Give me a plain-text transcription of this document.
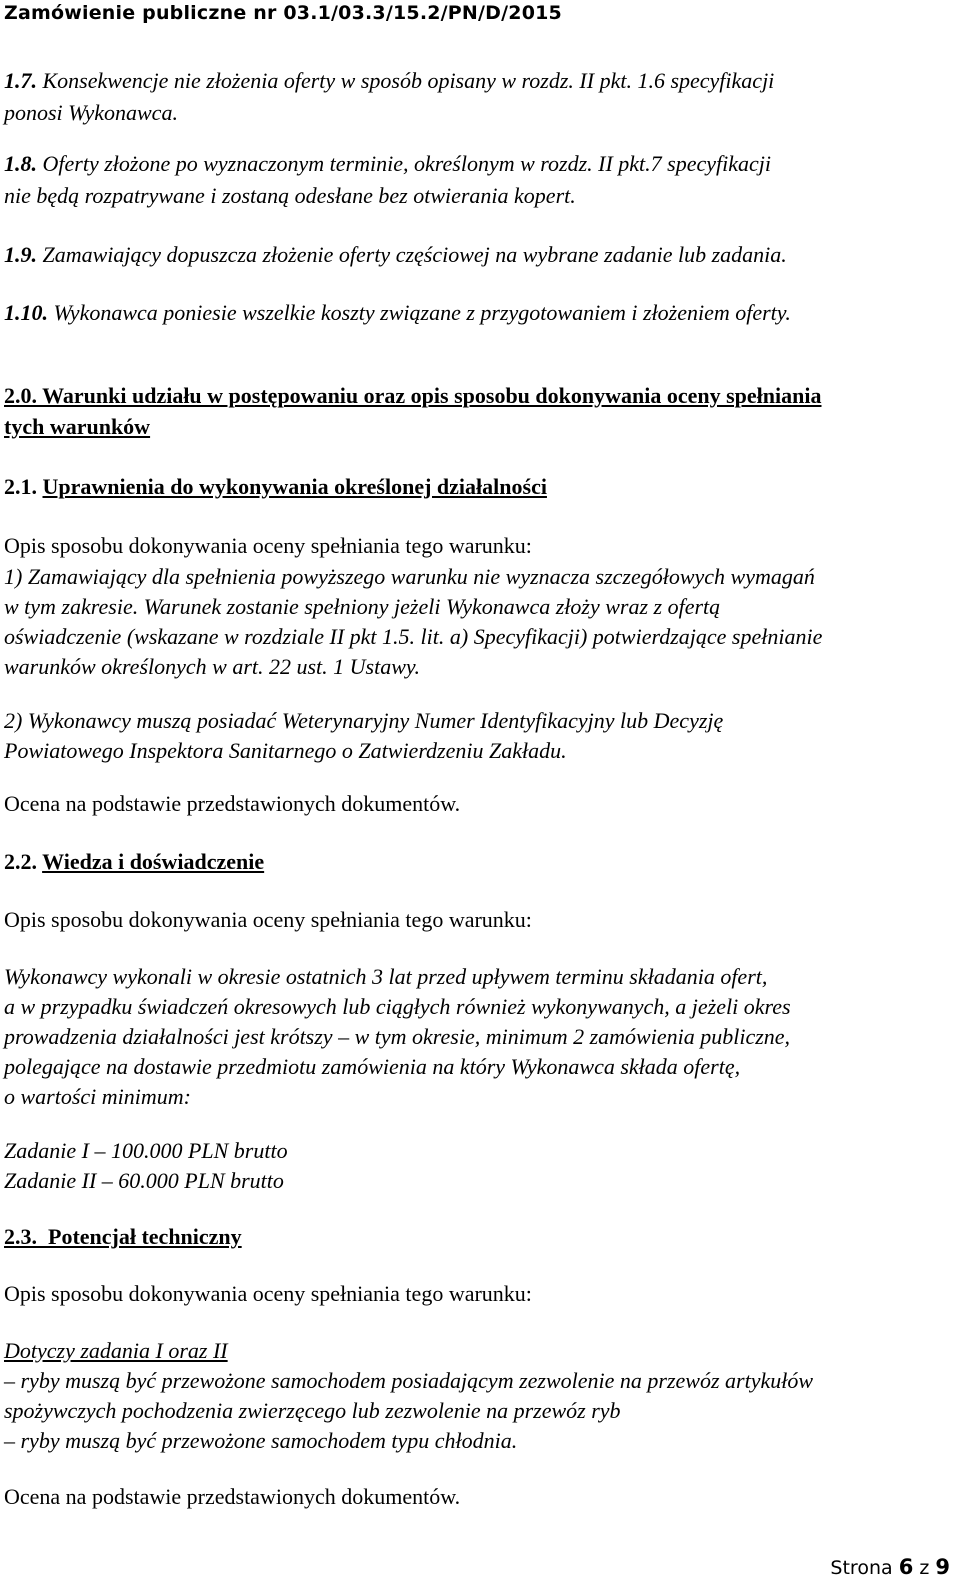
Zamówienie publiczne nr 03.1/03.3/15.2/PN/D/2015
1.7. Konsekwencje nie złożenia oferty w sposób opisany w rozdz. II pkt. 1.6 specyfikacji
ponosi Wykonawca.
1.8. Oferty złożone po wyznaczonym terminie, określonym w rozdz. II pkt.7 specyfikacji
nie będą rozpatrywane i zostaną odesłane bez otwierania kopert.
1.9. Zamawiający dopuszcza złożenie oferty częściowej na wybrane zadanie lub zadania.
1.10. Wykonawca poniesie wszelkie koszty związane z przygotowaniem i złożeniem oferty.
2.0. Warunki udziału w postępowaniu oraz opis sposobu dokonywania oceny spełniania
tych warunków
2.1. Uprawnienia do wykonywania określonej działalności
Opis sposobu dokonywania oceny spełniania tego warunku:
1) Zamawiający dla spełnienia powyższego warunku nie wyznacza szczegółowych wymagań
w tym zakresie. Warunek zostanie spełniony jeżeli Wykonawca złoży wraz z ofertą
oświadczenie (wskazane w rozdziale II pkt 1.5. lit. a) Specyfikacji) potwierdzające spełnianie
warunków określonych w art. 22 ust. 1 Ustawy.
2) Wykonawcy muszą posiadać Weterynaryjny Numer Identyfikacyjny lub Decyzję
Powiatowego Inspektora Sanitarnego o Zatwierdzeniu Zakładu.
Ocena na podstawie przedstawionych dokumentów.
2.2. Wiedza i doświadczenie
Opis sposobu dokonywania oceny spełniania tego warunku:
Wykonawcy wykonali w okresie ostatnich 3 lat przed upływem terminu składania ofert,
a w przypadku świadczeń okresowych lub ciągłych również wykonywanych, a jeżeli okres
prowadzenia działalności jest krótszy – w tym okresie, minimum 2 zamówienia publiczne,
polegające na dostawie przedmiotu zamówienia na który Wykonawca składa ofertę,
o wartości minimum:
Zadanie I – 100.000 PLN brutto
Zadanie II – 60.000 PLN brutto
2.3. Potencjał techniczny
Opis sposobu dokonywania oceny spełniania tego warunku:
Dotyczy zadania I oraz II
– ryby muszą być przewożone samochodem posiadającym zezwolenie na przewóz artykułów
spożywczych pochodzenia zwierzęcego lub zezwolenie na przewóz ryb
– ryby muszą być przewożone samochodem typu chłodnia.
Ocena na podstawie przedstawionych dokumentów.
Strona 6 z 9
